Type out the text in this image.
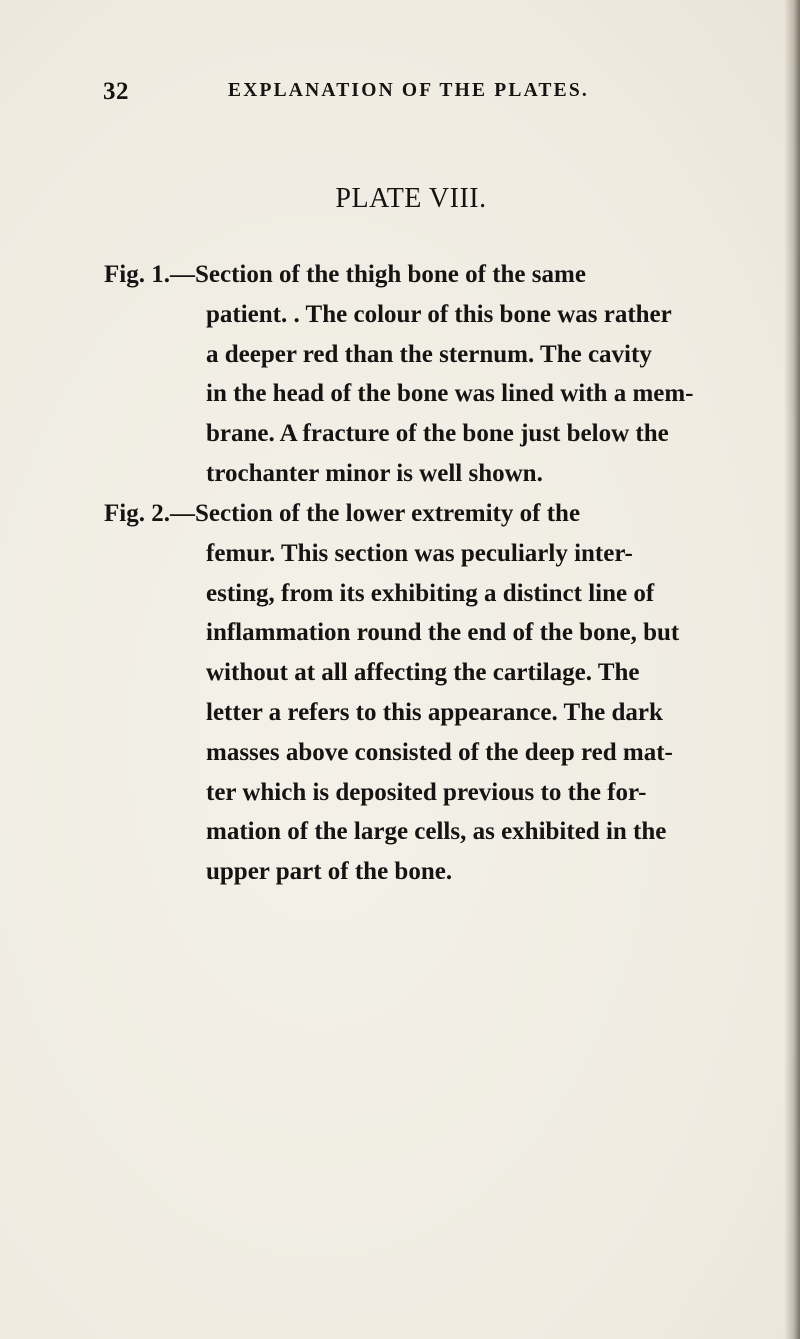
32	EXPLANATION OF THE PLATES.
PLATE VIII.
Fig. 1.—Section of the thigh bone of the same
patient. . The colour of this bone was rather
a deeper red than the sternum. The cavity
in the head of the bone was lined with a mem-
brane. A fracture of the bone just below the
trochanter minor is well shown.
Fig. 2.—Section of the lower extremity of the
femur. This section was peculiarly inter-
esting, from its exhibiting a distinct line of
inflammation round the end of the bone, but
without at all affecting the cartilage. The
letter a refers to this appearance. The dark
masses above consisted of the deep red mat-
ter which is deposited previous to the for-
mation of the large cells, as exhibited in the
upper part of the bone.
